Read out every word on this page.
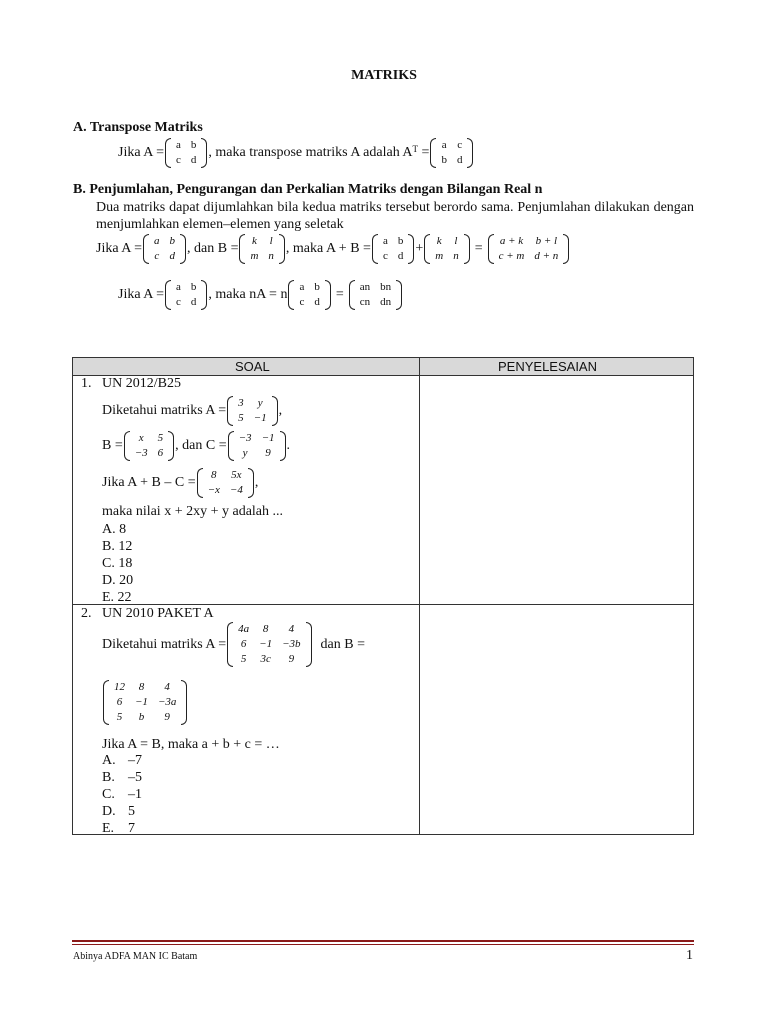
MATRIKS
A. Transpose Matriks
Jika A = a	b
c	d , maka transpose matriks A adalah $A^T = a$	c
b	d
B. Penjumlahan, Pengurangan dan Perkalian Matriks dengan Bilangan Real n
Dua matriks dapat dijumlahkan bila kedua matriks tersebut berordo sama. Penjumlahan dilakukan dengan menjumlahkan elemen–elemen yang seletak
Jika A = a	b
c	d , dan B = k	l
m	n , maka A + B = a	b
c	d + k	l
m	n = a + k	b + l
c + m	d + n
Jika A = a	b
c	d , maka nA = n a	b
c	d = an	bn
cn	dn
SOAL	PENYELESAIAN
1. UN 2012/B25
Diketahui matriks A = 3	y
5	−1 ,
B = x	5
−3	6 , dan C = −3	−1
y	9 .
Jika A + B – C = 8	5x
−x	−4 ,
maka nilai x + 2xy + y adalah ...
A. 8
B. 12
C. 18
D. 20
E. 22
2. UN 2010 PAKET A
Diketahui matriks A =
4a	8	4
6	−1	−3b
5	3c	9
dan B =
12	8	4
6	−1	−3a
5	b	9
Jika A = B, maka a + b + c = …
A. –7
B. –5
C. –1
D. 5
E. 7
Abinya ADFA MAN IC Batam	1
